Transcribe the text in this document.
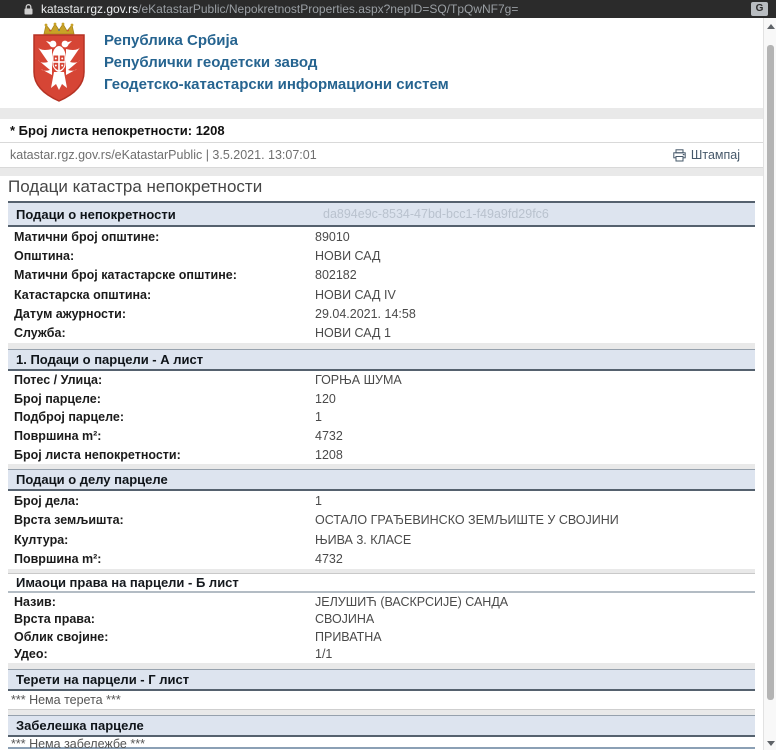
katastar.rgz.gov.rs/eKatastarPublic/NepokretnostProperties.aspx?nepID=SQ/TpQwNF7g=	G
Република Србија
Републички геодетски завод
Геодетско-катастарски информациони систем
* Број листа непокретности: 1208
katastar.rgz.gov.rs/eKatastarPublic | 3.5.2021. 13:07:01	Штампај
Подаци катастра непокретности
Подаци о непокретности	da894e9c-8534-47bd-bcc1-f49a9fd29fc6
Матични број општине:	89010
Општина:	НОВИ САД
Матични број катастарске општине:	802182
Катастарска општина:	НОВИ САД IV
Датум ажурности:	29.04.2021. 14:58
Служба:	НОВИ САД 1
1. Подаци о парцели - А лист
Потес / Улица:	ГОРЊА ШУМА
Број парцеле:	120
Подброј парцеле:	1
Површина m²:	4732
Број листа непокретности:	1208
Подаци о делу парцеле
Број дела:	1
Врста земљишта:	ОСТАЛО ГРАЂЕВИНСКО ЗЕМЉИШТЕ У СВОЈИНИ
Култура:	ЊИВА 3. КЛАСЕ
Површина m²:	4732
Имаоци права на парцели - Б лист
Назив:	ЈЕЛУШИЋ (ВАСКРСИЈЕ) САНДА
Врста права:	СВОЈИНА
Облик својине:	ПРИВАТНА
Удео:	1/1
Терети на парцели - Г лист
*** Нема терета ***
Забелешка парцеле
*** Нема забележбе ***
